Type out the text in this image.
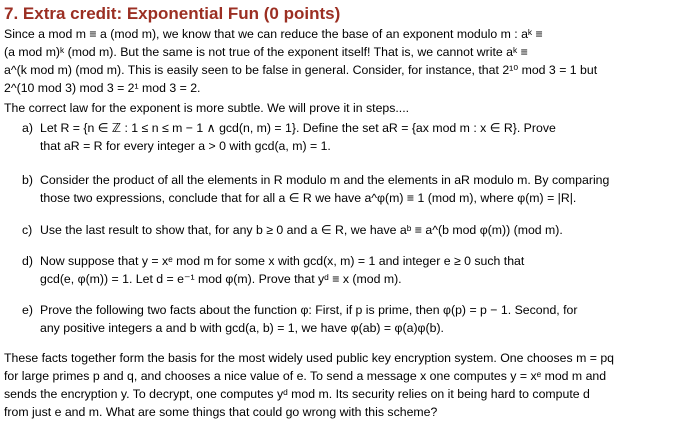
7. Extra credit: Exponential Fun (0 points)

Since a mod m ≡ a (mod m), we know that we can reduce the base of an exponent modulo m : aᵏ ≡

(a mod m)ᵏ (mod m). But the same is not true of the exponent itself! That is, we cannot write aᵏ ≡

a^(k mod m) (mod m). This is easily seen to be false in general. Consider, for instance, that 2¹⁰ mod 3 = 1 but

2^(10 mod 3) mod 3 = 2¹ mod 3 = 2.

The correct law for the exponent is more subtle. We will prove it in steps....

a) Let R = {n ∈ ℤ : 1 ≤ n ≤ m − 1 ∧ gcd(n, m) = 1}. Define the set aR = {ax mod m : x ∈ R}. Prove
that aR = R for every integer a > 0 with gcd(a, m) = 1.
b) Consider the product of all the elements in R modulo m and the elements in aR modulo m. By comparing
those two expressions, conclude that for all a ∈ R we have a^φ(m) ≡ 1 (mod m), where φ(m) = |R|.
c) Use the last result to show that, for any b ≥ 0 and a ∈ R, we have aᵇ ≡ a^(b mod φ(m)) (mod m).
d) Now suppose that y = xᵉ mod m for some x with gcd(x, m) = 1 and integer e ≥ 0 such that
gcd(e, φ(m)) = 1. Let d = e⁻¹ mod φ(m). Prove that yᵈ ≡ x (mod m).
e) Prove the following two facts about the function φ: First, if p is prime, then φ(p) = p − 1. Second, for
any positive integers a and b with gcd(a, b) = 1, we have φ(ab) = φ(a)φ(b).

These facts together form the basis for the most widely used public key encryption system. One chooses m = pq

for large primes p and q, and chooses a nice value of e. To send a message x one computes y = xᵉ mod m and

sends the encryption y. To decrypt, one computes yᵈ mod m. Its security relies on it being hard to compute d

from just e and m. What are some things that could go wrong with this scheme?
